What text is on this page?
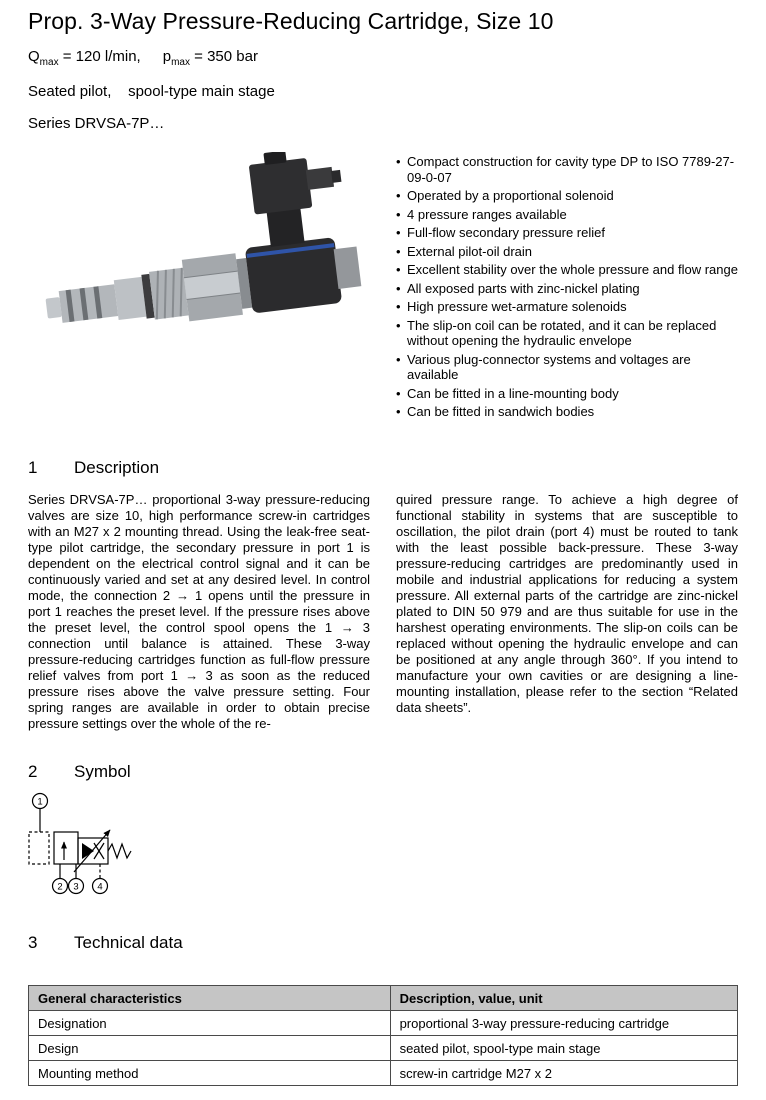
Prop. 3-Way Pressure-Reducing Cartridge, Size 10

$Q_{max} = 120$ l/min, $p_{max} = 350$ bar

Seated pilot,    spool-type main stage

Series DRVSA-7P…

• Compact construction for cavity type DP to ISO 7789-27-09-0-07
• Operated by a proportional solenoid
• 4 pressure ranges available
• Full-flow secondary pressure relief
• External pilot-oil drain
• Excellent stability over the whole pressure and flow range
• All exposed parts with zinc-nickel plating
• High pressure wet-armature solenoids
• The slip-on coil can be rotated, and it can be replaced without opening the hydraulic envelope
• Various plug-connector systems and voltages are available
• Can be fitted in a line-mounting body
• Can be fitted in sandwich bodies
1	Description
Series DRVSA-7P… proportional 3-way pressure-reducing valves are size 10, high performance screw-in cartridges with an M27 x 2 mounting thread. Using the leak-free seat-type pilot cartridge, the secondary pressure in port 1 is dependent on the electrical control signal and it can be continuously varied and set at any desired level. In control mode, the connection 2 → 1 opens until the pressure in port 1 reaches the preset level. If the pressure rises above the preset level, the control spool opens the 1 → 3 connection until balance is attained. These 3-way pressure-reducing cartridges function as full-flow pressure relief valves from port 1 → 3 as soon as the reduced pressure rises above the valve pressure setting. Four spring ranges are available in order to obtain precise pressure settings over the whole of the re-
quired pressure range. To achieve a high degree of functional stability in systems that are susceptible to oscillation, the pilot drain (port 4) must be routed to tank with the least possible back-pressure. These 3-way pressure-reducing cartridges are predominantly used in mobile and industrial applications for reducing a system pressure. All external parts of the cartridge are zinc-nickel plated to DIN 50 979 and are thus suitable for use in the harshest operating environments. The slip-on coils can be replaced without opening the hydraulic envelope and can be positioned at any angle through 360°. If you intend to manufacture your own cavities or are designing a line-mounting installation, please refer to the section “Related data sheets”.
2	Symbol
1
2 3 4
3	Technical data
General characteristics	Description, value, unit
Designation	proportional 3-way pressure-reducing cartridge
Design	seated pilot, spool-type main stage
Mounting method	screw-in cartridge M27 x 2
